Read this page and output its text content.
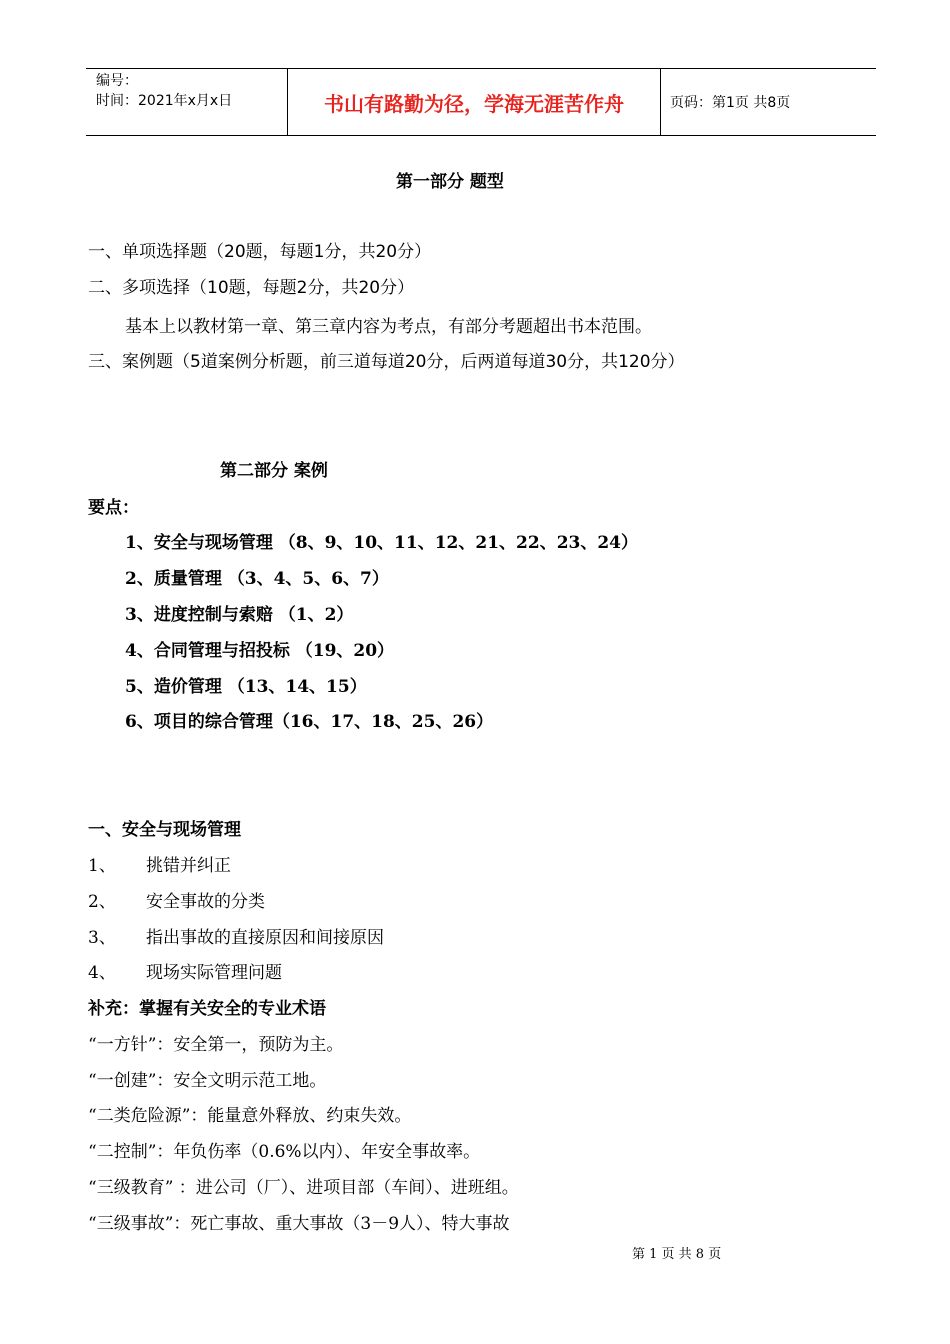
编号：
时间：2021年x月x日	书山有路勤为径，学海无涯苦作舟	页码：第1页 共8页
第一部分 题型
一、单项选择题（20题，每题1分，共20分）
二、多项选择（10题，每题2分，共20分）
基本上以教材第一章、第三章内容为考点，有部分考题超出书本范围。
三、案例题（5道案例分析题，前三道每道20分，后两道每道30分，共120分）
第二部分 案例
要点：
1、安全与现场管理 （8、9、10、11、12、21、22、23、24）
2、质量管理 （3、4、5、6、7）
3、进度控制与索赔 （1、2）
4、合同管理与招投标 （19、20）
5、造价管理 （13、14、15）
6、项目的综合管理（16、17、18、25、26）
一、安全与现场管理
1、 挑错并纠正
2、 安全事故的分类
3、 指出事故的直接原因和间接原因
4、 现场实际管理问题
补充：掌握有关安全的专业术语
“一方针”：安全第一，预防为主。
“一创建”：安全文明示范工地。
“二类危险源”：能量意外释放、约束失效。
“二控制”：年负伤率（0.6%以内）、年安全事故率。
“三级教育” ：进公司（厂）、进项目部（车间）、进班组。
“三级事故”：死亡事故、重大事故（3－9人）、特大事故
第 1 页 共 8 页
